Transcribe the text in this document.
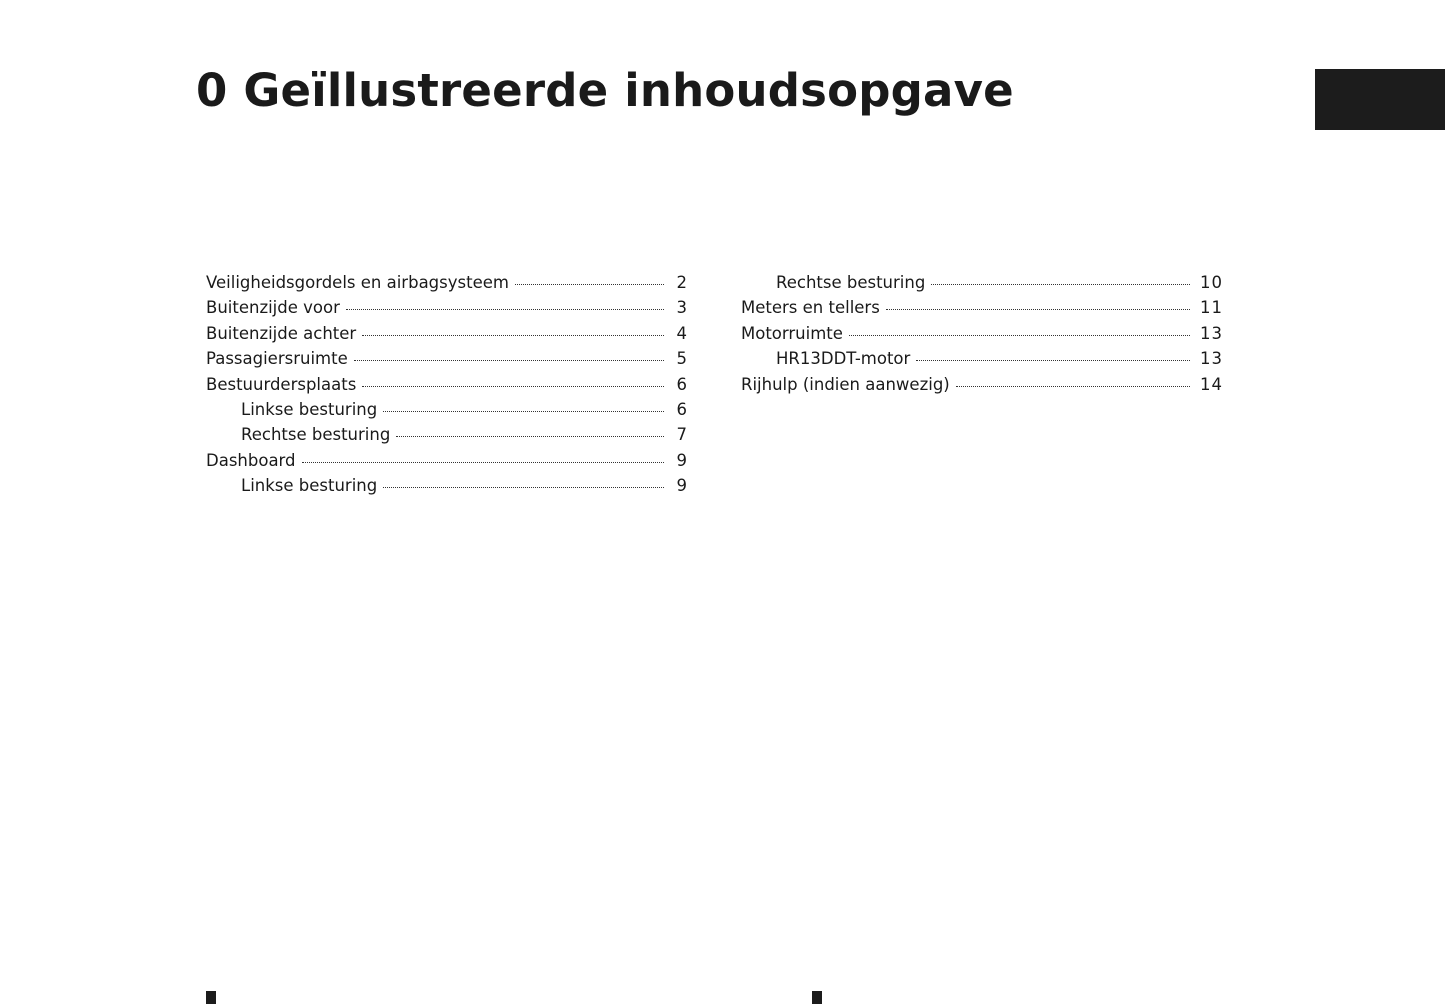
0 Geïllustreerde inhoudsopgave
Veiligheidsgordels en airbagsysteem	2
Buitenzijde voor	3
Buitenzijde achter	4
Passagiersruimte	5
Bestuurdersplaats	6
Linkse besturing	6
Rechtse besturing	7
Dashboard	9
Linkse besturing	9
Rechtse besturing	10
Meters en tellers	11
Motorruimte	13
HR13DDT-motor	13
Rijhulp (indien aanwezig)	14
